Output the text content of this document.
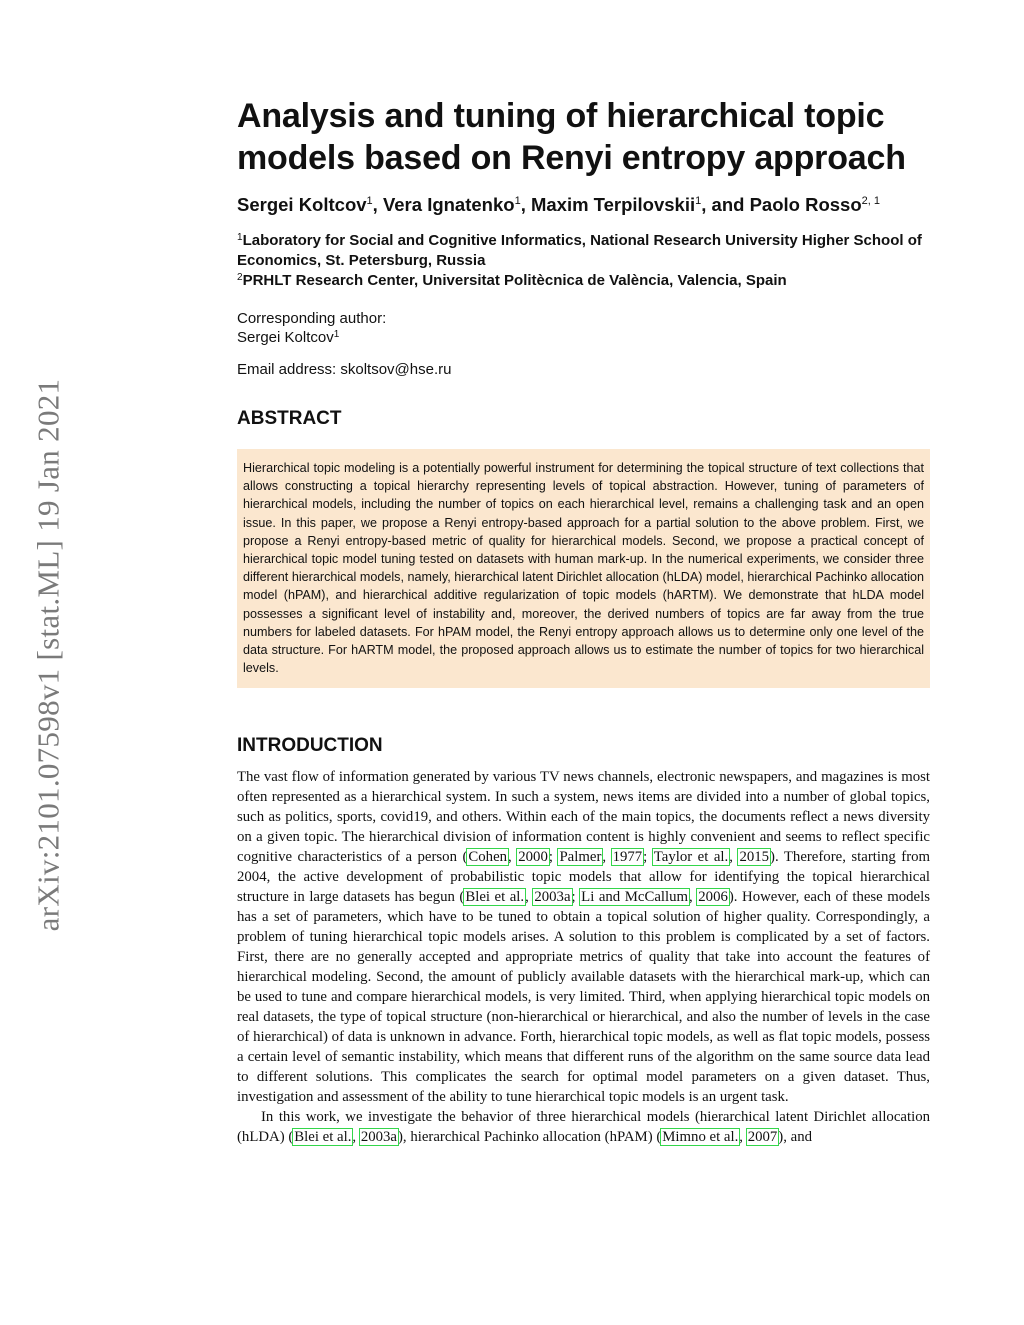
arXiv:2101.07598v1 [stat.ML] 19 Jan 2021
Analysis and tuning of hierarchical topic models based on Renyi entropy approach
Sergei Koltcov$^1$, Vera Ignatenko$^1$, Maxim Terpilovskii$^1$, and Paolo Rosso$^{2, 1}$
$^1$Laboratory for Social and Cognitive Informatics, National Research University Higher School of Economics, St. Petersburg, Russia
$^2$PRHLT Research Center, Universitat Politècnica de València, Valencia, Spain
Corresponding author:
Sergei Koltcov$^1$
Email address: skoltsov@hse.ru
ABSTRACT
Hierarchical topic modeling is a potentially powerful instrument for determining the topical structure of text collections that allows constructing a topical hierarchy representing levels of topical abstraction. However, tuning of parameters of hierarchical models, including the number of topics on each hierarchical level, remains a challenging task and an open issue. In this paper, we propose a Renyi entropy-based approach for a partial solution to the above problem. First, we propose a Renyi entropy-based metric of quality for hierarchical models. Second, we propose a practical concept of hierarchical topic model tuning tested on datasets with human mark-up. In the numerical experiments, we consider three different hierarchical models, namely, hierarchical latent Dirichlet allocation (hLDA) model, hierarchical Pachinko allocation model (hPAM), and hierarchical additive regularization of topic models (hARTM). We demonstrate that hLDA model possesses a significant level of instability and, moreover, the derived numbers of topics are far away from the true numbers for labeled datasets. For hPAM model, the Renyi entropy approach allows us to determine only one level of the data structure. For hARTM model, the proposed approach allows us to estimate the number of topics for two hierarchical levels.
INTRODUCTION

The vast flow of information generated by various TV news channels, electronic newspapers, and magazines is most often represented as a hierarchical system. In such a system, news items are divided into a number of global topics, such as politics, sports, covid19, and others. Within each of the main topics, the documents reflect a news diversity on a given topic. The hierarchical division of information content is highly convenient and seems to reflect specific cognitive characteristics of a person (Cohen, 2000; Palmer, 1977; Taylor et al., 2015). Therefore, starting from 2004, the active development of probabilistic topic models that allow for identifying the topical hierarchical structure in large datasets has begun (Blei et al., 2003a; Li and McCallum, 2006). However, each of these models has a set of parameters, which have to be tuned to obtain a topical solution of higher quality. Correspondingly, a problem of tuning hierarchical topic models arises. A solution to this problem is complicated by a set of factors. First, there are no generally accepted and appropriate metrics of quality that take into account the features of hierarchical modeling. Second, the amount of publicly available datasets with the hierarchical mark-up, which can be used to tune and compare hierarchical models, is very limited. Third, when applying hierarchical topic models on real datasets, the type of topical structure (non-hierarchical or hierarchical, and also the number of levels in the case of hierarchical) of data is unknown in advance. Forth, hierarchical topic models, as well as flat topic models, possess a certain level of semantic instability, which means that different runs of the algorithm on the same source data lead to different solutions. This complicates the search for optimal model parameters on a given dataset. Thus, investigation and assessment of the ability to tune hierarchical topic models is an urgent task.

In this work, we investigate the behavior of three hierarchical models (hierarchical latent Dirichlet allocation (hLDA) (Blei et al., 2003a), hierarchical Pachinko allocation (hPAM) (Mimno et al., 2007), and
